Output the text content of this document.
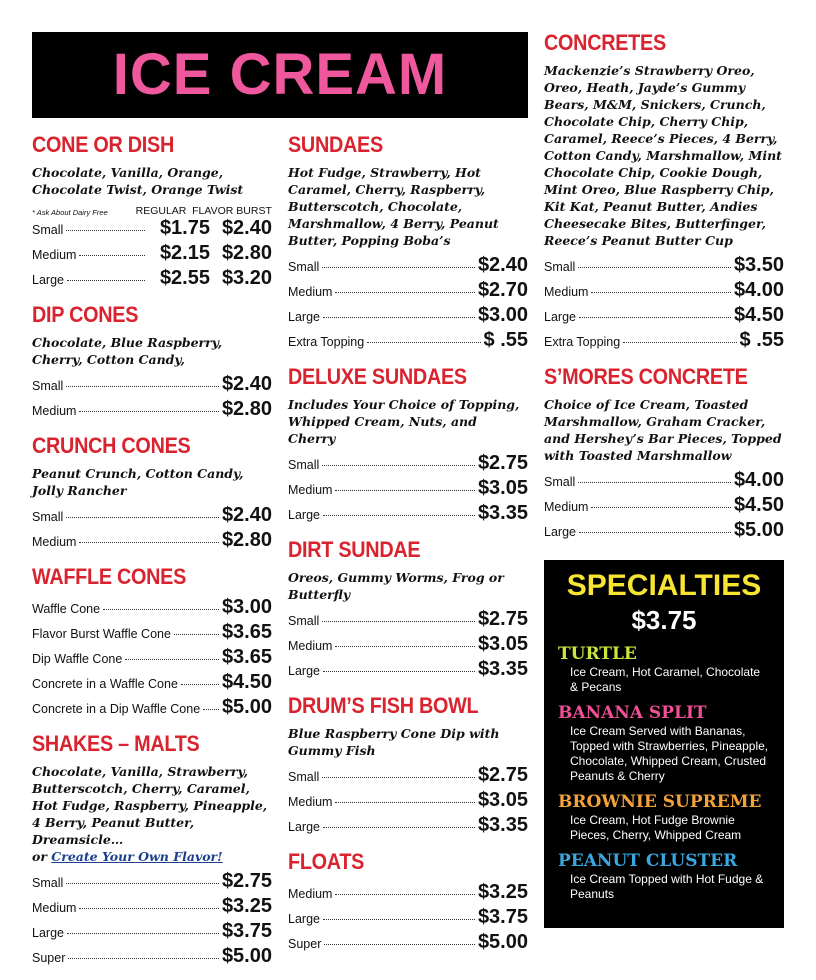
ICE CREAM
CONE OR DISH
Chocolate, Vanilla, Orange, Chocolate Twist, Orange Twist
* Ask About Dairy Free	REGULAR FLAVOR BURST
Small	$1.75 $2.40
Medium	$2.15 $2.80
Large	$2.55 $3.20
DIP CONES
Chocolate, Blue Raspberry, Cherry, Cotton Candy,
Small	$2.40
Medium	$2.80
CRUNCH CONES
Peanut Crunch, Cotton Candy, Jolly Rancher
Small	$2.40
Medium	$2.80
WAFFLE CONES
Waffle Cone	$3.00
Flavor Burst Waffle Cone	$3.65
Dip Waffle Cone	$3.65
Concrete in a Waffle Cone $4.50
Concrete in a Dip Waffle Cone $5.00
SHAKES – MALTS
Chocolate, Vanilla, Strawberry, Butterscotch, Cherry, Caramel, Hot Fudge, Raspberry, Pineapple, 4 Berry, Peanut Butter, Dreamsicle…
or Create Your Own Flavor!
Small	$2.75
Medium	$3.25
Large	$3.75
Super	$5.00
SUNDAES
Hot Fudge, Strawberry, Hot Caramel, Cherry, Raspberry, Butterscotch, Chocolate, Marshmallow, 4 Berry, Peanut Butter, Popping Boba’s
Small	$2.40
Medium	$2.70
Large	$3.00
Extra Topping	$ .55
DELUXE SUNDAES
Includes Your Choice of Topping, Whipped Cream, Nuts, and Cherry
Small	$2.75
Medium	$3.05
Large	$3.35
DIRT SUNDAE
Oreos, Gummy Worms, Frog or Butterfly
Small	$2.75
Medium	$3.05
Large	$3.35
DRUM’S FISH BOWL
Blue Raspberry Cone Dip with Gummy Fish
Small	$2.75
Medium	$3.05
Large	$3.35
FLOATS
Medium	$3.25
Large	$3.75
Super	$5.00
CONCRETES
Mackenzie’s Strawberry Oreo, Oreo, Heath, Jayde’s Gummy Bears, M&M, Snickers, Crunch, Chocolate Chip, Cherry Chip, Caramel, Reece’s Pieces, 4 Berry, Cotton Candy, Marshmallow, Mint Chocolate Chip, Cookie Dough, Mint Oreo, Blue Raspberry Chip, Kit Kat, Peanut Butter, Andies Cheesecake Bites, Butterfinger, Reece’s Peanut Butter Cup
Small	$3.50
Medium	$4.00
Large	$4.50
Extra Topping	$ .55
S’MORES CONCRETE
Choice of Ice Cream, Toasted Marshmallow, Graham Cracker, and Hershey’s Bar Pieces, Topped with Toasted Marshmallow
Small	$4.00
Medium	$4.50
Large	$5.00
SPECIALTIES
$3.75
TURTLE
Ice Cream, Hot Caramel, Chocolate & Pecans
BANANA SPLIT
Ice Cream Served with Bananas, Topped with Strawberries, Pineapple, Chocolate, Whipped Cream, Crusted Peanuts & Cherry
BROWNIE SUPREME
Ice Cream, Hot Fudge Brownie Pieces, Cherry, Whipped Cream
PEANUT CLUSTER
Ice Cream Topped with Hot Fudge & Peanuts
